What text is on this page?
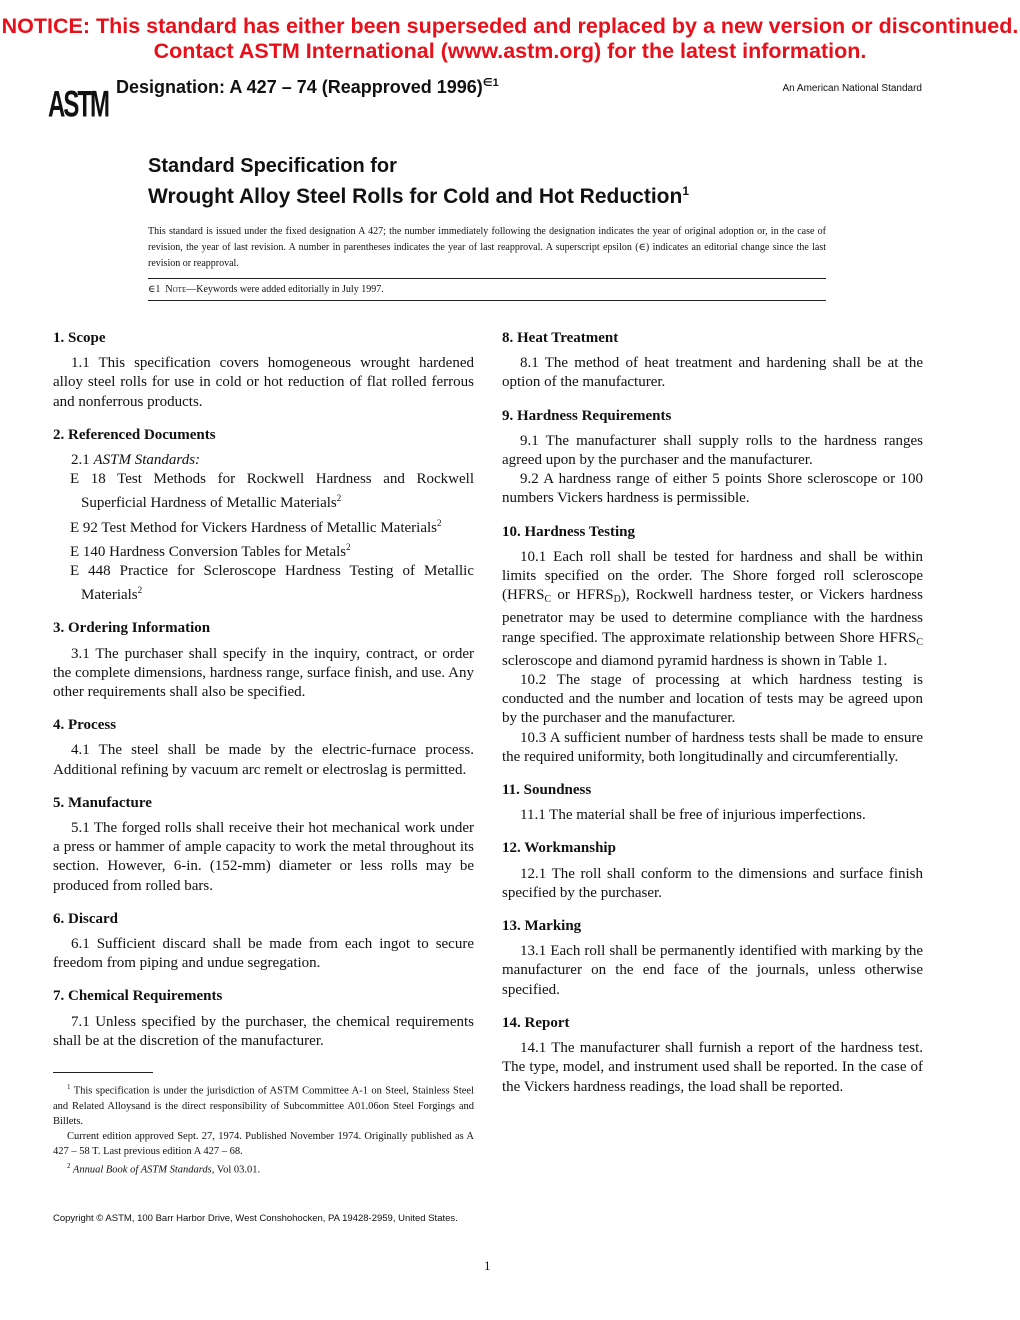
NOTICE: This standard has either been superseded and replaced by a new version or discontinued.
Contact ASTM International (www.astm.org) for the latest information.
ASTM Designation: A 427 – 74 (Reapproved 1996)$^{\in 1}$	An American National Standard
Standard Specification for
Wrought Alloy Steel Rolls for Cold and Hot Reduction$^1$
This standard is issued under the fixed designation A 427; the number immediately following the designation indicates the year of original adoption or, in the case of revision, the year of last revision. A number in parentheses indicates the year of last reapproval. A superscript epsilon (∈) indicates an editorial change since the last revision or reapproval.
∈1 Note—Keywords were added editorially in July 1997.
1. Scope

1.1 This specification covers homogeneous wrought hardened alloy steel rolls for use in cold or hot reduction of flat rolled ferrous and nonferrous products.

2. Referenced Documents

2.1 ASTM Standards:

E 18 Test Methods for Rockwell Hardness and Rockwell Superficial Hardness of Metallic Materials$^2$
E 92 Test Method for Vickers Hardness of Metallic Materials$^2$
E 140 Hardness Conversion Tables for Metals$^2$
E 448 Practice for Scleroscope Hardness Testing of Metallic Materials$^2$
3. Ordering Information

3.1 The purchaser shall specify in the inquiry, contract, or order the complete dimensions, hardness range, surface finish, and use. Any other requirements shall also be specified.

4. Process

4.1 The steel shall be made by the electric-furnace process. Additional refining by vacuum arc remelt or electroslag is permitted.

5. Manufacture

5.1 The forged rolls shall receive their hot mechanical work under a press or hammer of ample capacity to work the metal throughout its section. However, 6-in. (152-mm) diameter or less rolls may be produced from rolled bars.

6. Discard

6.1 Sufficient discard shall be made from each ingot to secure freedom from piping and undue segregation.

7. Chemical Requirements

7.1 Unless specified by the purchaser, the chemical requirements shall be at the discretion of the manufacturer.

8. Heat Treatment

8.1 The method of heat treatment and hardening shall be at the option of the manufacturer.

9. Hardness Requirements

9.1 The manufacturer shall supply rolls to the hardness ranges agreed upon by the purchaser and the manufacturer.

9.2 A hardness range of either 5 points Shore scleroscope or 100 numbers Vickers hardness is permissible.

10. Hardness Testing

10.1 Each roll shall be tested for hardness and shall be within limits specified on the order. The Shore forged roll scleroscope ($HFRS_C$ or $HFRS_D$), Rockwell hardness tester, or Vickers hardness penetrator may be used to determine compliance with the hardness range specified. The approximate relationship between Shore $HFRS_C$ scleroscope and diamond pyramid hardness is shown in Table 1.

10.2 The stage of processing at which hardness testing is conducted and the number and location of tests may be agreed upon by the purchaser and the manufacturer.

10.3 A sufficient number of hardness tests shall be made to ensure the required uniformity, both longitudinally and circumferentially.

11. Soundness

11.1 The material shall be free of injurious imperfections.

12. Workmanship

12.1 The roll shall conform to the dimensions and surface finish specified by the purchaser.

13. Marking

13.1 Each roll shall be permanently identified with marking by the manufacturer on the end face of the journals, unless otherwise specified.

14. Report

14.1 The manufacturer shall furnish a report of the hardness test. The type, model, and instrument used shall be reported. In the case of the Vickers hardness readings, the load shall be reported.

$^1$ This specification is under the jurisdiction of ASTM Committee A-1 on Steel, Stainless Steel and Related Alloysand is the direct responsibility of Subcommittee A01.06on Steel Forgings and Billets.

Current edition approved Sept. 27, 1974. Published November 1974. Originally published as A 427 – 58 T. Last previous edition A 427 – 68.

$^2$ Annual Book of ASTM Standards, Vol 03.01.

Copyright © ASTM, 100 Barr Harbor Drive, West Conshohocken, PA 19428-2959, United States.
1
